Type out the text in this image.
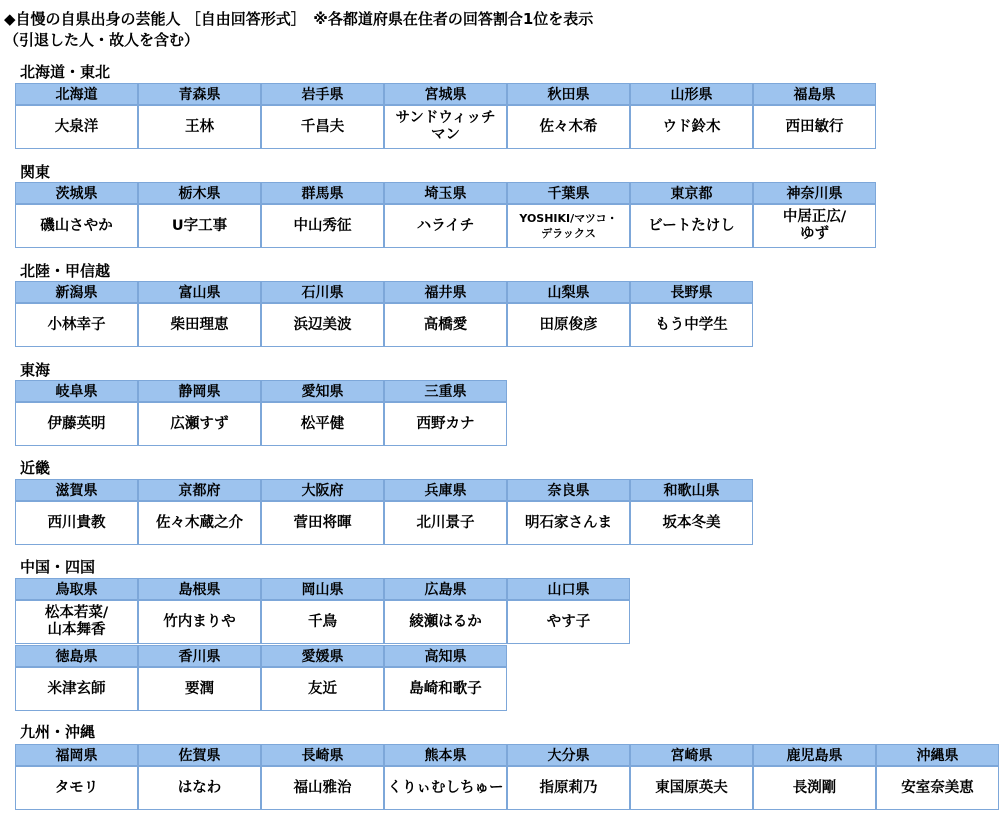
◆自慢の自県出身の芸能人 ［自由回答形式］　※各都道府県在住者の回答割合1位を表示
（引退した人・故人を含む）
北海道・東北
北海道
大泉洋
青森県
王林
岩手県
千昌夫
宮城県
サンドウィッチ
マン
秋田県
佐々木希
山形県
ウド鈴木
福島県
西田敏行
関東
茨城県
磯山さやか
栃木県
U字工事
群馬県
中山秀征
埼玉県
ハライチ
千葉県
YOSHIKI/マツコ・
デラックス
東京都
ビートたけし
神奈川県
中居正広/
ゆず
北陸・甲信越
新潟県
小林幸子
富山県
柴田理恵
石川県
浜辺美波
福井県
高橋愛
山梨県
田原俊彦
長野県
もう中学生
東海
岐阜県
伊藤英明
静岡県
広瀬すず
愛知県
松平健
三重県
西野カナ
近畿
滋賀県
西川貴教
京都府
佐々木蔵之介
大阪府
菅田将暉
兵庫県
北川景子
奈良県
明石家さんま
和歌山県
坂本冬美
中国・四国
鳥取県
松本若菜/
山本舞香
島根県
竹内まりや
岡山県
千鳥
広島県
綾瀬はるか
山口県
やす子
徳島県
米津玄師
香川県
要潤
愛媛県
友近
高知県
島崎和歌子
九州・沖縄
福岡県
タモリ
佐賀県
はなわ
長崎県
福山雅治
熊本県
くりぃむしちゅー
大分県
指原莉乃
宮崎県
東国原英夫
鹿児島県
長渕剛
沖縄県
安室奈美恵
